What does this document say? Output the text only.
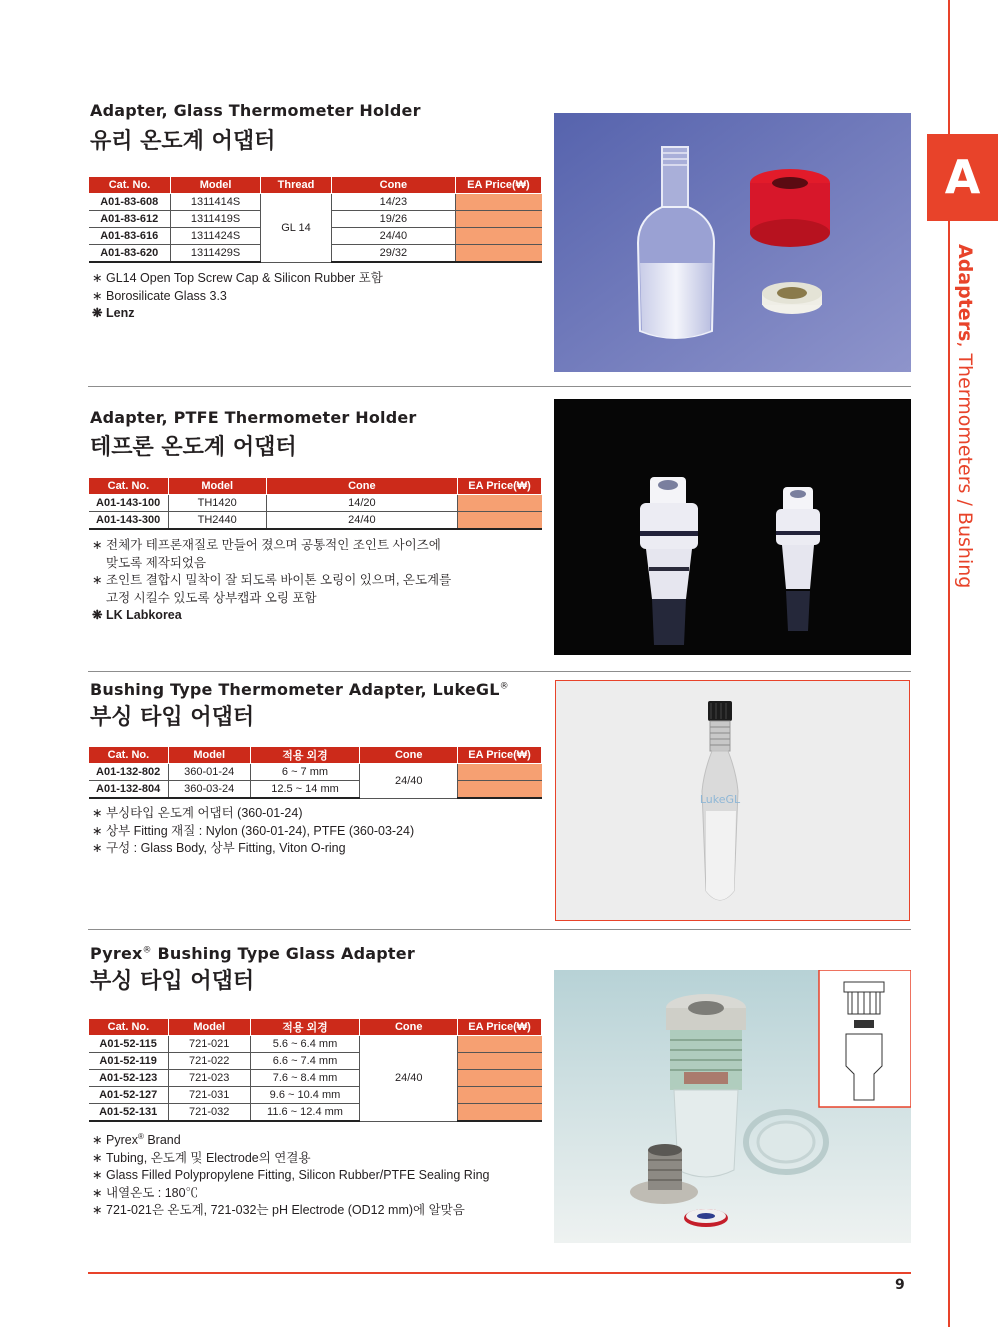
A
Adapters, Thermometers / Bushing
Adapter, Glass Thermometer Holder
유리 온도계 어댑터
Cat. No.	Model	Thread	Cone	EA Price(₩)
A01-83-608	1311414S	GL 14	14/23	
A01-83-612	1311419S		19/26	
A01-83-616	1311424S		24/40	
A01-83-620	1311429S		29/32	
∗ GL14 Open Top Screw Cap & Silicon Rubber 포함
∗ Borosilicate Glass 3.3
❋ Lenz
Adapter, PTFE Thermometer Holder
테프론 온도계 어댑터
Cat. No.	Model	Cone	EA Price(₩)
A01-143-100	TH1420	14/20	
A01-143-300	TH2440	24/40	
∗ 전체가 테프론재질로 만들어 졌으며 공통적인 조인트 사이즈에
맞도록 제작되었음
∗ 조인트 결합시 밀착이 잘 되도록 바이톤 오링이 있으며, 온도계를
고정 시킬수 있도록 상부캡과 오링 포함
❋ LK Labkorea
Bushing Type Thermometer Adapter, LukeGL®
부싱 타입 어댑터
Cat. No.	Model	적용 외경	Cone	EA Price(₩)
A01-132-802	360-01-24	6 ~ 7 mm	24/40	
A01-132-804	360-03-24	12.5 ~ 14 mm		
∗ 부싱타입 온도계 어댑터 (360-01-24)
∗ 상부 Fitting 재질 : Nylon (360-01-24), PTFE (360-03-24)
∗ 구성 : Glass Body, 상부 Fitting, Viton O-ring
LukeGL
Pyrex® Bushing Type Glass Adapter
부싱 타입 어댑터
Cat. No.	Model	적용 외경	Cone	EA Price(₩)
A01-52-115	721-021	5.6 ~ 6.4 mm	24/40	
A01-52-119	721-022	6.6 ~ 7.4 mm		
A01-52-123	721-023	7.6 ~ 8.4 mm		
A01-52-127	721-031	9.6 ~ 10.4 mm		
A01-52-131	721-032	11.6 ~ 12.4 mm		
∗ Pyrex® Brand
∗ Tubing, 온도계 및 Electrode의 연결용
∗ Glass Filled Polypropylene Fitting, Silicon Rubber/PTFE Sealing Ring
∗ 내열온도 : 180℃
∗ 721-021은 온도계, 721-032는 pH Electrode (OD12 mm)에 알맞음
9
